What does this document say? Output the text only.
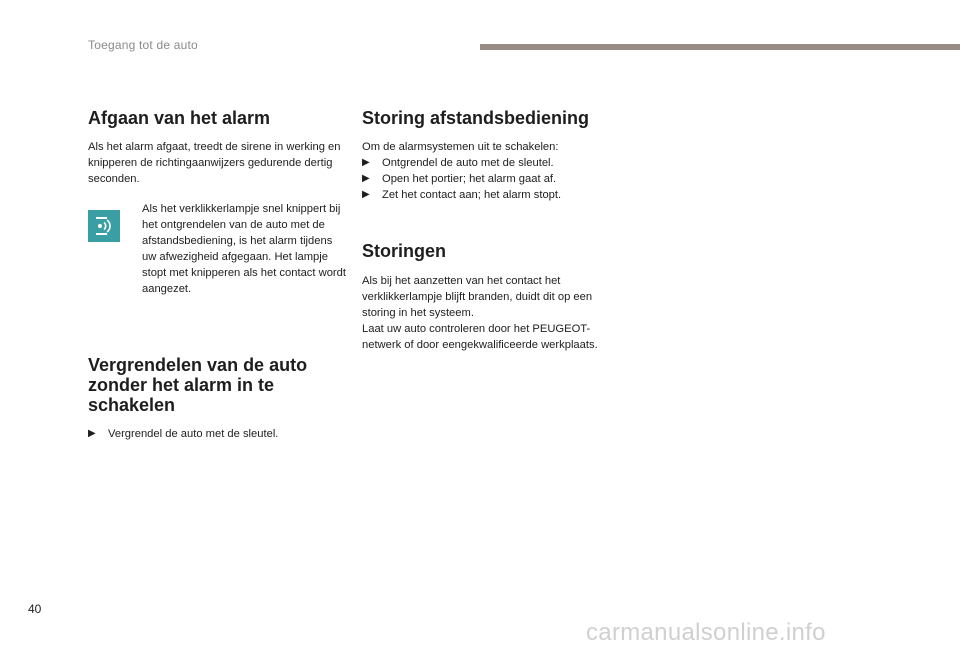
Toegang tot de auto
Afgaan van het alarm

Als het alarm afgaat, treedt de sirene in werking en knipperen de richtingaanwijzers gedurende dertig seconden.

Als het verklikkerlampje snel knippert bij het ontgrendelen van de auto met de afstandsbediening, is het alarm tijdens uw afwezigheid afgegaan. Het lampje stopt met knipperen als het contact wordt aangezet.

Vergrendelen van de auto zonder het alarm in te schakelen
▶︎	Vergrendel de auto met de sleutel.
Storing afstandsbediening

Om de alarmsystemen uit te schakelen:

▶︎	Ontgrendel de auto met de sleutel.
▶︎	Open het portier; het alarm gaat af.
▶︎	Zet het contact aan; het alarm stopt.
Storingen

Als bij het aanzetten van het contact het verklikkerlampje blijft branden, duidt dit op een storing in het systeem.

Laat uw auto controleren door het PEUGEOT-netwerk of door eengekwalificeerde werkplaats.

40
carmanualsonline.info
